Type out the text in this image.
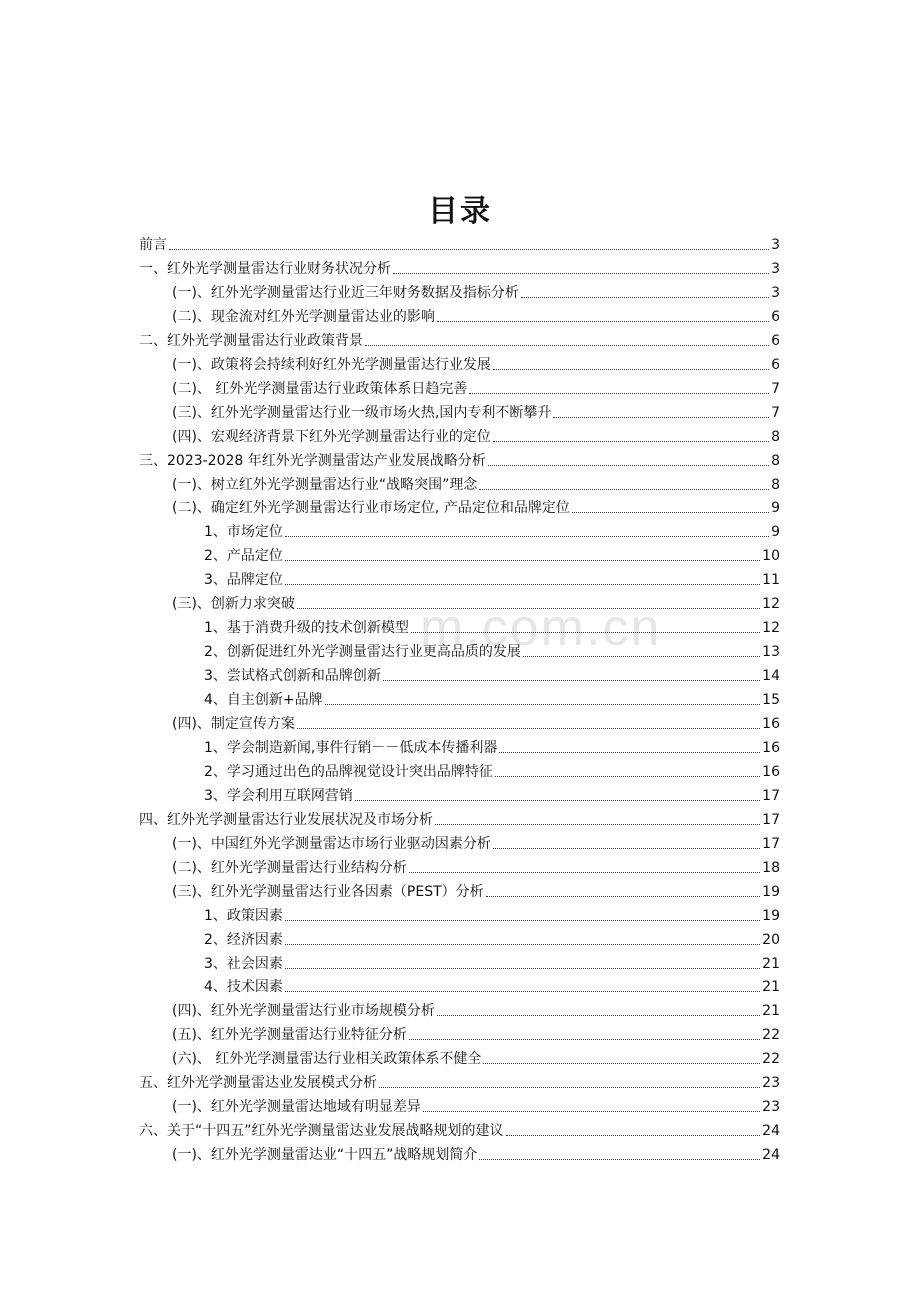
m.com.cn
目录
前言	3
一、红外光学测量雷达行业财务状况分析	3
(一)、红外光学测量雷达行业近三年财务数据及指标分析	3
(二)、现金流对红外光学测量雷达业的影响	6
二、红外光学测量雷达行业政策背景	6
(一)、政策将会持续利好红外光学测量雷达行业发展	6
(二)、 红外光学测量雷达行业政策体系日趋完善	7
(三)、红外光学测量雷达行业一级市场火热,国内专利不断攀升	7
(四)、宏观经济背景下红外光学测量雷达行业的定位	8
三、2023-2028 年红外光学测量雷达产业发展战略分析	8
(一)、树立红外光学测量雷达行业“战略突围”理念	8
(二)、确定红外光学测量雷达行业市场定位, 产品定位和品牌定位	9
1、市场定位	9
2、产品定位	10
3、品牌定位	11
(三)、创新力求突破	12
1、基于消费升级的技术创新模型	12
2、创新促进红外光学测量雷达行业更高品质的发展	13
3、尝试格式创新和品牌创新	14
4、自主创新+品牌	15
(四)、制定宣传方案	16
1、学会制造新闻,事件行销－－低成本传播利器	16
2、学习通过出色的品牌视觉设计突出品牌特征	16
3、学会利用互联网营销	17
四、红外光学测量雷达行业发展状况及市场分析	17
(一)、中国红外光学测量雷达市场行业驱动因素分析	17
(二)、红外光学测量雷达行业结构分析	18
(三)、红外光学测量雷达行业各因素（PEST）分析	19
1、政策因素	19
2、经济因素	20
3、社会因素	21
4、技术因素	21
(四)、红外光学测量雷达行业市场规模分析	21
(五)、红外光学测量雷达行业特征分析	22
(六)、 红外光学测量雷达行业相关政策体系不健全	22
五、红外光学测量雷达业发展模式分析	23
(一)、红外光学测量雷达地域有明显差异	23
六、关于“十四五”红外光学测量雷达业发展战略规划的建议	24
(一)、红外光学测量雷达业“十四五”战略规划简介	24
